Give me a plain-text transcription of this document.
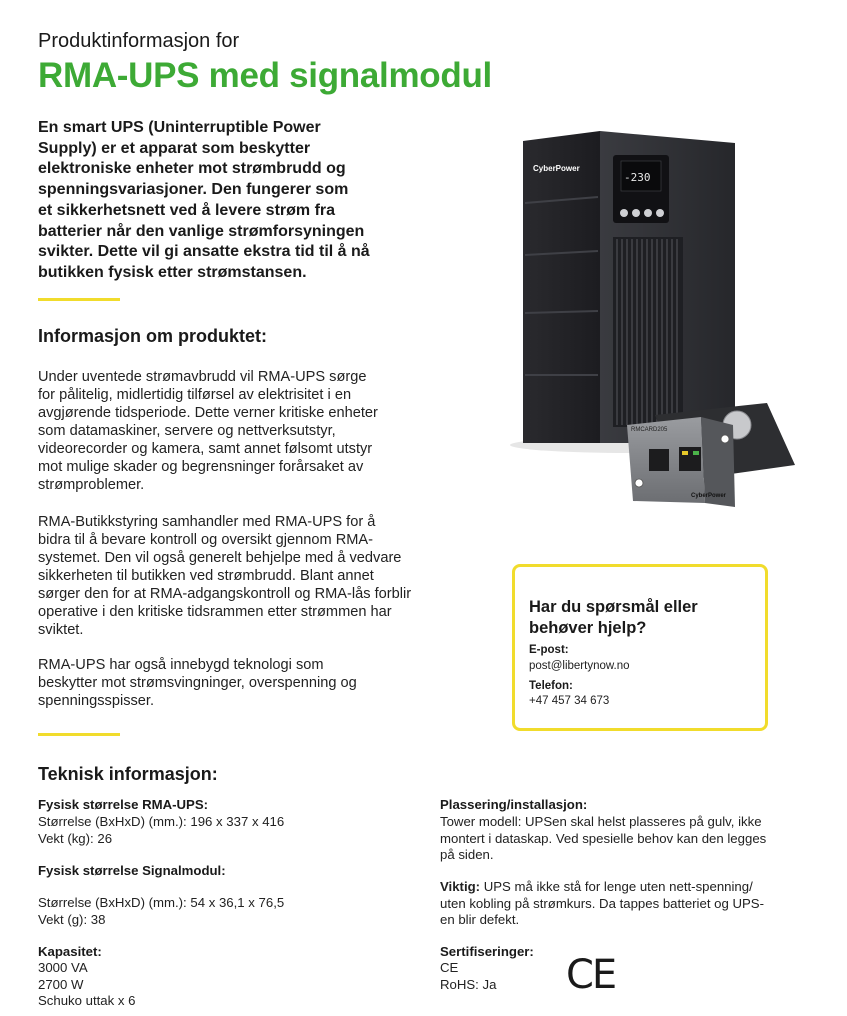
Produktinformasjon for
RMA-UPS med signalmodul
En smart UPS (Uninterruptible Power
Supply) er et apparat som beskytter
elektroniske enheter mot strømbrudd og
spenningsvariasjoner. Den fungerer som
et sikkerhetsnett ved å levere strøm fra
batterier når den vanlige strømforsyningen
svikter. Dette vil gi ansatte ekstra tid til å nå
butikken fysisk etter strømstansen.
Informasjon om produktet:
Under uventede strømavbrudd vil RMA-UPS sørge
for pålitelig, midlertidig tilførsel av elektrisitet i en
avgjørende tidsperiode. Dette verner kritiske enheter
som datamaskiner, servere og nettverksutstyr,
videorecorder og kamera, samt annet følsomt utstyr
mot mulige skader og begrensninger forårsaket av
strømproblemer.
RMA-Butikkstyring samhandler med RMA-UPS for å
bidra til å bevare kontroll og oversikt gjennom RMA-
systemet. Den vil også generelt behjelpe med å vedvare
sikkerheten til butikken ved strømbrudd. Blant annet
sørger den for at RMA-adgangskontroll og RMA-lås forblir
operative i den kritiske tidsrammen etter strømmen har
sviktet.
RMA-UPS har også innebygd teknologi som
beskytter mot strømsvingninger, overspenning og
spenningsspisser.
CyberPower
-230
RMCARD205
CyberPower
Har du spørsmål eller
behøver hjelp?
E-post:
post@libertynow.no
Telefon:
+47 457 34 673
Teknisk informasjon:
Fysisk størrelse RMA-UPS:
Størrelse (BxHxD) (mm.): 196 x 337 x 416
Vekt (kg): 26
Fysisk størrelse Signalmodul:
Størrelse (BxHxD) (mm.): 54 x 36,1 x 76,5
Vekt (g): 38
Kapasitet:
3000 VA
2700 W
Schuko uttak x 6
Plassering/installasjon:
Tower modell: UPSen skal helst plasseres på gulv, ikke
montert i dataskap. Ved spesielle behov kan den legges
på siden.
Viktig: UPS må ikke stå for lenge uten nett-spenning/
uten kobling på strømkurs. Da tappes batteriet og UPS-
en blir defekt.
Sertifiseringer:
CE
RoHS: Ja	CE
